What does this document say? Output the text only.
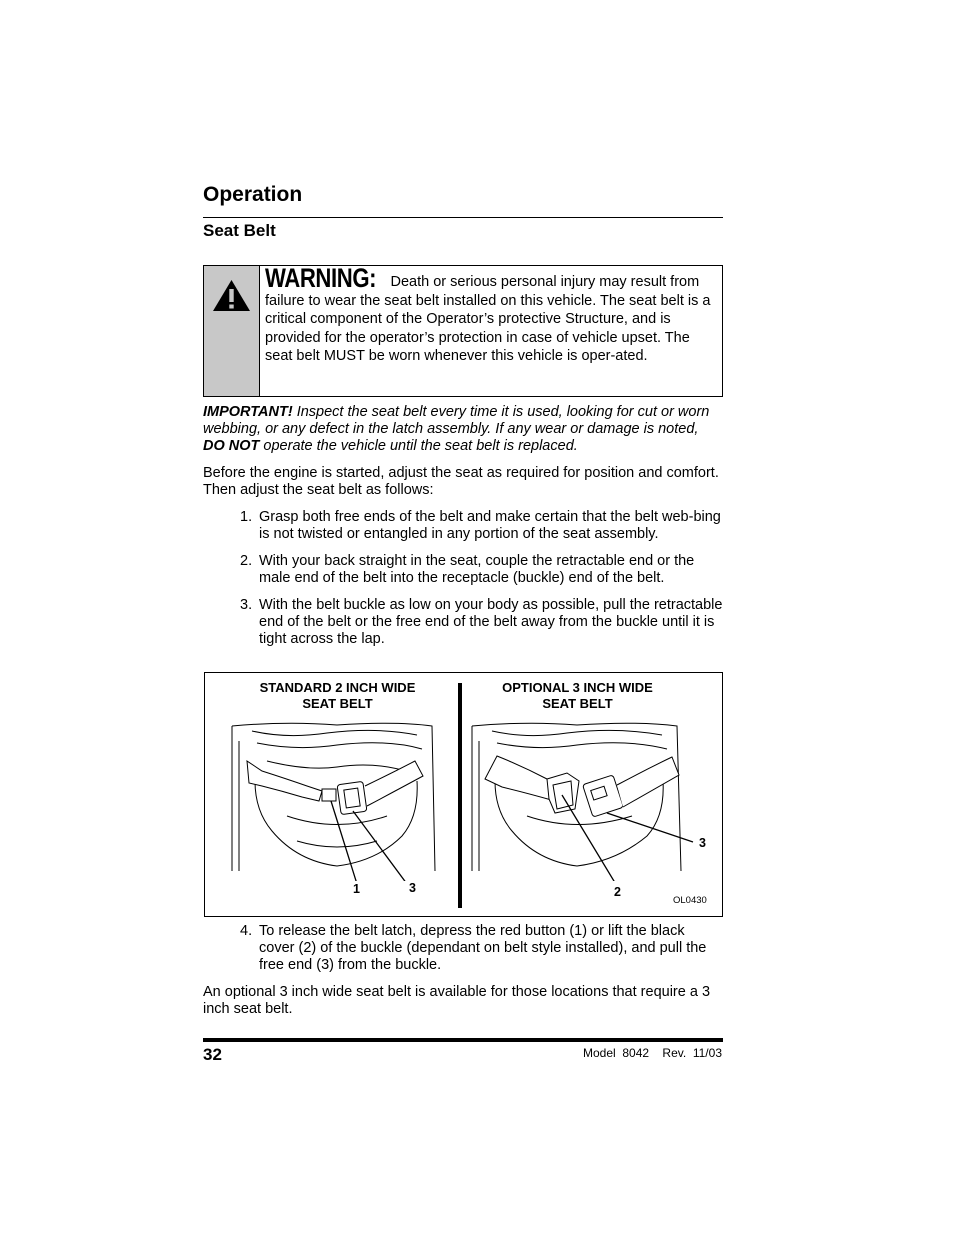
Operation
Seat Belt
WARNING: Death or serious personal injury may result from failure to wear the seat belt installed on this vehicle. The seat belt is a critical component of the Operator’s protective Structure, and is provided for the operator’s protection in case of vehicle upset. The seat belt MUST be worn whenever this vehicle is oper-ated.

IMPORTANT! Inspect the seat belt every time it is used, looking for cut or worn webbing, or any defect in the latch assembly. If any wear or damage is noted, DO NOT operate the vehicle until the seat belt is replaced.

Before the engine is started, adjust the seat as required for position and comfort. Then adjust the seat belt as follows:

1. Grasp both free ends of the belt and make certain that the belt web-bing is not twisted or entangled in any portion of the seat assembly.
2. With your back straight in the seat, couple the retractable end or the male end of the belt into the receptacle (buckle) end of the belt.
3. With the belt buckle as low on your body as possible, pull the retractable end of the belt or the free end of the belt away from the buckle until it is tight across the lap.
STANDARD 2 INCH WIDE
SEAT BELT
OPTIONAL 3 INCH WIDE
SEAT BELT
1	3	2
3
OL0430
4. To release the belt latch, depress the red button (1) or lift the black cover (2) of the buckle (dependant on belt style installed), and pull the free end (3) from the buckle.

An optional 3 inch wide seat belt is available for those locations that require a 3 inch seat belt.

32	Model  8042    Rev.  11/03
